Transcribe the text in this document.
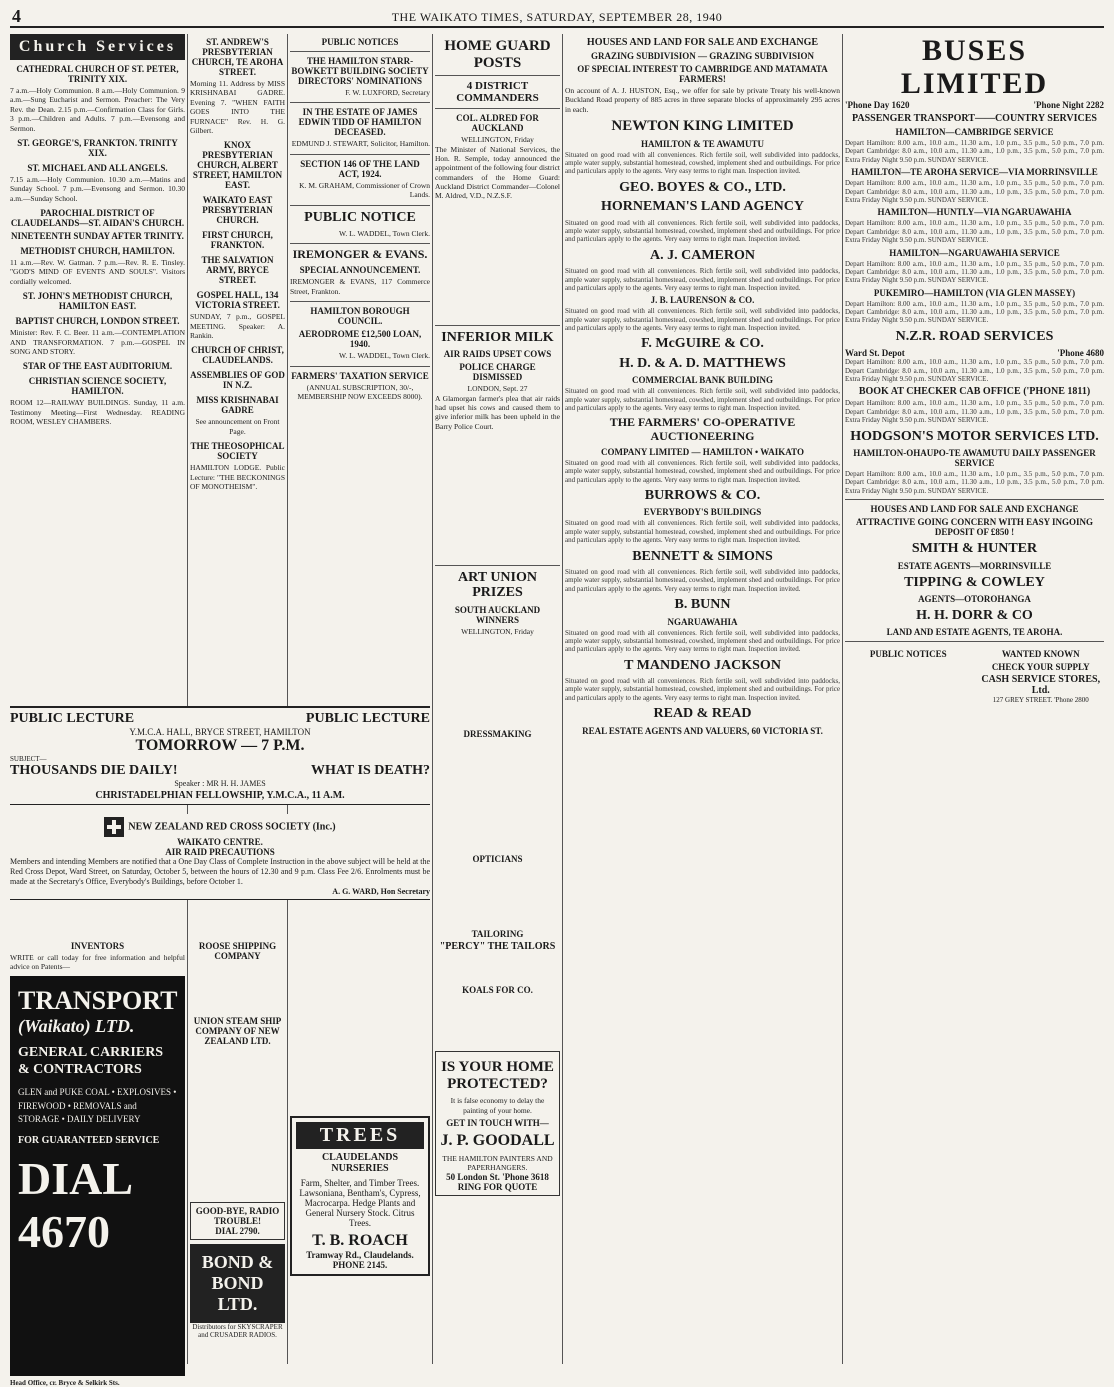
4	THE WAIKATO TIMES, SATURDAY, SEPTEMBER 28, 1940
Church Services
CATHEDRAL CHURCH OF ST. PETER, TRINITY XIX.
7 a.m.—Holy Communion. 8 a.m.—Holy Communion. 9 a.m.—Sung Eucharist and Sermon. Preacher: The Very Rev. the Dean. 2.15 p.m.—Confirmation Class for Girls. 3 p.m.—Children and Adults. 7 p.m.—Evensong and Sermon.
ST. GEORGE'S, FRANKTON. TRINITY XIX.
ST. MICHAEL AND ALL ANGELS.
7.15 a.m.—Holy Communion. 10.30 a.m.—Matins and Sunday School. 7 p.m.—Evensong and Sermon. 10.30 a.m.—Sunday School.
PAROCHIAL DISTRICT OF CLAUDELANDS—ST. AIDAN'S CHURCH.
NINETEENTH SUNDAY AFTER TRINITY.
METHODIST CHURCH, HAMILTON.
11 a.m.—Rev. W. Gatman. 7 p.m.—Rev. R. E. Tinsley. "GOD'S MIND OF EVENTS AND SOULS". Visitors cordially welcomed.
ST. JOHN'S METHODIST CHURCH, HAMILTON EAST.
BAPTIST CHURCH, LONDON STREET.
Minister: Rev. F. C. Beer. 11 a.m.—CONTEMPLATION AND TRANSFORMATION. 7 p.m.—GOSPEL IN SONG AND STORY.
STAR OF THE EAST AUDITORIUM.
CHRISTIAN SCIENCE SOCIETY, HAMILTON.
ROOM 12—RAILWAY BUILDINGS. Sunday, 11 a.m. Testimony Meeting—First Wednesday. READING ROOM, WESLEY CHAMBERS.
PUBLIC LECTURE	PUBLIC LECTURE
Y.M.C.A. HALL, BRYCE STREET, HAMILTON
TOMORROW — 7 P.M.
SUBJECT—
THOUSANDS DIE DAILY!	WHAT IS DEATH?
Speaker : MR H. H. JAMES
CHRISTADELPHIAN FELLOWSHIP, Y.M.C.A., 11 A.M.
NEW ZEALAND RED CROSS SOCIETY (Inc.)
WAIKATO CENTRE.
AIR RAID PRECAUTIONS
Members and intending Members are notified that a One Day Class of Complete Instruction in the above subject will be held at the Red Cross Depot, Ward Street, on Saturday, October 5, between the hours of 12.30 and 9 p.m. Class Fee 2/6. Enrolments must be made at the Secretary's Office, Everybody's Buildings, before October 1.
A. G. WARD, Hon Secretary
INVENTORS
WRITE or call today for free information and helpful advice on Patents—
TRANSPORT
(Waikato) LTD.
GENERAL CARRIERS & CONTRACTORS
GLEN and PUKE COAL • EXPLOSIVES • FIREWOOD • REMOVALS and STORAGE • DAILY DELIVERY
FOR GUARANTEED SERVICE
DIAL 4670
Head Office, cr. Bryce & Selkirk Sts.
ST. ANDREW'S PRESBYTERIAN CHURCH, TE AROHA STREET.
Morning 11. Address by MISS KRISHNABAI GADRE. Evening 7. "WHEN FAITH GOES INTO THE FURNACE" Rev. H. G. Gilbert.
KNOX PRESBYTERIAN CHURCH, ALBERT STREET, HAMILTON EAST.
WAIKATO EAST PRESBYTERIAN CHURCH.
FIRST CHURCH, FRANKTON.
THE SALVATION ARMY, BRYCE STREET.
GOSPEL HALL, 134 VICTORIA STREET.
SUNDAY, 7 p.m., GOSPEL MEETING. Speaker: A. Rankin.
CHURCH OF CHRIST, CLAUDELANDS.
ASSEMBLIES OF GOD IN N.Z.
MISS KRISHNABAI GADRE
See announcement on Front Page.
THE THEOSOPHICAL SOCIETY
HAMILTON LODGE. Public Lecture: "THE BECKONINGS OF MONOTHEISM".
ROOSE SHIPPING COMPANY
UNION STEAM SHIP COMPANY OF NEW ZEALAND LTD.
GOOD-BYE, RADIO TROUBLE!
DIAL 2790.
BOND & BOND LTD.
Distributors for SKYSCRAPER and CRUSADER RADIOS.
PUBLIC NOTICES
THE HAMILTON STARR-BOWKETT BUILDING SOCIETY DIRECTORS' NOMINATIONS
F. W. LUXFORD, Secretary
IN THE ESTATE OF JAMES EDWIN TIDD OF HAMILTON DECEASED.
EDMUND J. STEWART, Solicitor, Hamilton.
SECTION 146 OF THE LAND ACT, 1924.
K. M. GRAHAM, Commissioner of Crown Lands.
PUBLIC NOTICE
W. L. WADDEL, Town Clerk.
IREMONGER & EVANS.
SPECIAL ANNOUNCEMENT.
IREMONGER & EVANS, 117 Commerce Street, Frankton.
HAMILTON BOROUGH COUNCIL.
AERODROME £12,500 LOAN, 1940.
W. L. WADDEL, Town Clerk.
FARMERS' TAXATION SERVICE
(ANNUAL SUBSCRIPTION, 30/-, MEMBERSHIP NOW EXCEEDS 8000).
TREES
CLAUDELANDS NURSERIES
Farm, Shelter, and Timber Trees. Lawsoniana, Bentham's, Cypress, Macrocarpa. Hedge Plants and General Nursery Stock. Citrus Trees.
T. B. ROACH
Tramway Rd., Claudelands. PHONE 2145.
HOME GUARD POSTS
4 DISTRICT COMMANDERS
COL. ALDRED FOR AUCKLAND
WELLINGTON, Friday
The Minister of National Services, the Hon. R. Semple, today announced the appointment of the following four district commanders of the Home Guard: Auckland District Commander—Colonel M. Aldred, V.D., N.Z.S.F.
INFERIOR MILK
AIR RAIDS UPSET COWS
POLICE CHARGE DISMISSED
LONDON, Sept. 27
A Glamorgan farmer's plea that air raids had upset his cows and caused them to give inferior milk has been upheld in the Barry Police Court.
ART UNION PRIZES
SOUTH AUCKLAND WINNERS
WELLINGTON, Friday
DRESSMAKING
OPTICIANS
TAILORING
"PERCY" THE TAILORS
KOALS FOR CO.
IS YOUR HOME PROTECTED?
It is false economy to delay the painting of your home.
GET IN TOUCH WITH—
J. P. GOODALL
THE HAMILTON PAINTERS AND PAPERHANGERS.
50 London St. 'Phone 3618
RING FOR QUOTE
HOUSES AND LAND FOR SALE AND EXCHANGE
GRAZING SUBDIVISION — GRAZING SUBDIVISION
OF SPECIAL INTEREST TO CAMBRIDGE AND MATAMATA FARMERS!
On account of A. J. HUSTON, Esq., we offer for sale by private Treaty his well-known Buckland Road property of 885 acres in three separate blocks of approximately 295 acres in each.
NEWTON KING LIMITED
HAMILTON & TE AWAMUTU
Situated on good road with all conveniences. Rich fertile soil, well subdivided into paddocks, ample water supply, substantial homestead, cowshed, implement shed and outbuildings. For price and particulars apply to the agents. Very easy terms to right man. Inspection invited.
GEO. BOYES & CO., LTD.
HORNEMAN'S LAND AGENCY
Situated on good road with all conveniences. Rich fertile soil, well subdivided into paddocks, ample water supply, substantial homestead, cowshed, implement shed and outbuildings. For price and particulars apply to the agents. Very easy terms to right man. Inspection invited.
A. J. CAMERON
Situated on good road with all conveniences. Rich fertile soil, well subdivided into paddocks, ample water supply, substantial homestead, cowshed, implement shed and outbuildings. For price and particulars apply to the agents. Very easy terms to right man. Inspection invited.
J. B. LAURENSON & CO.
Situated on good road with all conveniences. Rich fertile soil, well subdivided into paddocks, ample water supply, substantial homestead, cowshed, implement shed and outbuildings. For price and particulars apply to the agents. Very easy terms to right man. Inspection invited.
F. McGUIRE & CO.
H. D. & A. D. MATTHEWS
COMMERCIAL BANK BUILDING
Situated on good road with all conveniences. Rich fertile soil, well subdivided into paddocks, ample water supply, substantial homestead, cowshed, implement shed and outbuildings. For price and particulars apply to the agents. Very easy terms to right man. Inspection invited.
THE FARMERS' CO-OPERATIVE AUCTIONEERING
COMPANY LIMITED — HAMILTON • WAIKATO
Situated on good road with all conveniences. Rich fertile soil, well subdivided into paddocks, ample water supply, substantial homestead, cowshed, implement shed and outbuildings. For price and particulars apply to the agents. Very easy terms to right man. Inspection invited.
BURROWS & CO.
EVERYBODY'S BUILDINGS
Situated on good road with all conveniences. Rich fertile soil, well subdivided into paddocks, ample water supply, substantial homestead, cowshed, implement shed and outbuildings. For price and particulars apply to the agents. Very easy terms to right man. Inspection invited.
BENNETT & SIMONS
Situated on good road with all conveniences. Rich fertile soil, well subdivided into paddocks, ample water supply, substantial homestead, cowshed, implement shed and outbuildings. For price and particulars apply to the agents. Very easy terms to right man. Inspection invited.
B. BUNN
NGARUAWAHIA
Situated on good road with all conveniences. Rich fertile soil, well subdivided into paddocks, ample water supply, substantial homestead, cowshed, implement shed and outbuildings. For price and particulars apply to the agents. Very easy terms to right man. Inspection invited.
T MANDENO JACKSON
Situated on good road with all conveniences. Rich fertile soil, well subdivided into paddocks, ample water supply, substantial homestead, cowshed, implement shed and outbuildings. For price and particulars apply to the agents. Very easy terms to right man. Inspection invited.
READ & READ
REAL ESTATE AGENTS AND VALUERS, 60 VICTORIA ST.
BUSES LIMITED
'Phone Day 1620	'Phone Night 2282
PASSENGER TRANSPORT——COUNTRY SERVICES
HAMILTON—CAMBRIDGE SERVICE
Depart Hamilton: 8.00 a.m., 10.0 a.m., 11.30 a.m., 1.0 p.m., 3.5 p.m., 5.0 p.m., 7.0 p.m. Depart Cambridge: 8.0 a.m., 10.0 a.m., 11.30 a.m., 1.0 p.m., 3.5 p.m., 5.0 p.m., 7.0 p.m. Extra Friday Night 9.50 p.m. SUNDAY SERVICE.
HAMILTON—TE AROHA SERVICE—VIA MORRINSVILLE
Depart Hamilton: 8.00 a.m., 10.0 a.m., 11.30 a.m., 1.0 p.m., 3.5 p.m., 5.0 p.m., 7.0 p.m. Depart Cambridge: 8.0 a.m., 10.0 a.m., 11.30 a.m., 1.0 p.m., 3.5 p.m., 5.0 p.m., 7.0 p.m. Extra Friday Night 9.50 p.m. SUNDAY SERVICE.
HAMILTON—HUNTLY—VIA NGARUAWAHIA
Depart Hamilton: 8.00 a.m., 10.0 a.m., 11.30 a.m., 1.0 p.m., 3.5 p.m., 5.0 p.m., 7.0 p.m. Depart Cambridge: 8.0 a.m., 10.0 a.m., 11.30 a.m., 1.0 p.m., 3.5 p.m., 5.0 p.m., 7.0 p.m. Extra Friday Night 9.50 p.m. SUNDAY SERVICE.
HAMILTON—NGARUAWAHIA SERVICE
Depart Hamilton: 8.00 a.m., 10.0 a.m., 11.30 a.m., 1.0 p.m., 3.5 p.m., 5.0 p.m., 7.0 p.m. Depart Cambridge: 8.0 a.m., 10.0 a.m., 11.30 a.m., 1.0 p.m., 3.5 p.m., 5.0 p.m., 7.0 p.m. Extra Friday Night 9.50 p.m. SUNDAY SERVICE.
PUKEMIRO—HAMILTON (VIA GLEN MASSEY)
Depart Hamilton: 8.00 a.m., 10.0 a.m., 11.30 a.m., 1.0 p.m., 3.5 p.m., 5.0 p.m., 7.0 p.m. Depart Cambridge: 8.0 a.m., 10.0 a.m., 11.30 a.m., 1.0 p.m., 3.5 p.m., 5.0 p.m., 7.0 p.m. Extra Friday Night 9.50 p.m. SUNDAY SERVICE.
N.Z.R. ROAD SERVICES
Ward St. Depot	'Phone 4680
Depart Hamilton: 8.00 a.m., 10.0 a.m., 11.30 a.m., 1.0 p.m., 3.5 p.m., 5.0 p.m., 7.0 p.m. Depart Cambridge: 8.0 a.m., 10.0 a.m., 11.30 a.m., 1.0 p.m., 3.5 p.m., 5.0 p.m., 7.0 p.m. Extra Friday Night 9.50 p.m. SUNDAY SERVICE.
BOOK AT CHECKER CAB OFFICE ('PHONE 1811)
Depart Hamilton: 8.00 a.m., 10.0 a.m., 11.30 a.m., 1.0 p.m., 3.5 p.m., 5.0 p.m., 7.0 p.m. Depart Cambridge: 8.0 a.m., 10.0 a.m., 11.30 a.m., 1.0 p.m., 3.5 p.m., 5.0 p.m., 7.0 p.m. Extra Friday Night 9.50 p.m. SUNDAY SERVICE.
HODGSON'S MOTOR SERVICES LTD.
HAMILTON-OHAUPO-TE AWAMUTU DAILY PASSENGER SERVICE
Depart Hamilton: 8.00 a.m., 10.0 a.m., 11.30 a.m., 1.0 p.m., 3.5 p.m., 5.0 p.m., 7.0 p.m. Depart Cambridge: 8.0 a.m., 10.0 a.m., 11.30 a.m., 1.0 p.m., 3.5 p.m., 5.0 p.m., 7.0 p.m. Extra Friday Night 9.50 p.m. SUNDAY SERVICE.
HOUSES AND LAND FOR SALE AND EXCHANGE
ATTRACTIVE GOING CONCERN WITH EASY INGOING DEPOSIT OF £850 !
SMITH & HUNTER
ESTATE AGENTS—MORRINSVILLE
TIPPING & COWLEY
AGENTS—OTOROHANGA
H. H. DORR & CO
LAND AND ESTATE AGENTS, TE AROHA.
PUBLIC NOTICES	WANTED KNOWN
CHECK YOUR SUPPLY
CASH SERVICE STORES, Ltd.
127 GREY STREET. 'Phone 2800
